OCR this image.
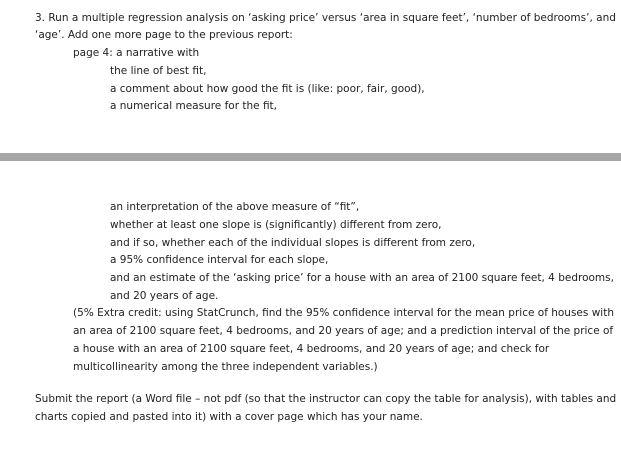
3. Run a multiple regression analysis on ‘asking price’ versus ‘area in square feet’, ‘number of bedrooms’, and
‘age’. Add one more page to the previous report:
page 4: a narrative with
the line of best fit,
a comment about how good the fit is (like: poor, fair, good),
a numerical measure for the fit,
an interpretation of the above measure of “fit”,
whether at least one slope is (significantly) different from zero,
and if so, whether each of the individual slopes is different from zero,
a 95% confidence interval for each slope,
and an estimate of the ‘asking price’ for a house with an area of 2100 square feet, 4 bedrooms,
and 20 years of age.
(5% Extra credit: using StatCrunch, find the 95% confidence interval for the mean price of houses with
an area of 2100 square feet, 4 bedrooms, and 20 years of age; and a prediction interval of the price of
a house with an area of 2100 square feet, 4 bedrooms, and 20 years of age; and check for
multicollinearity among the three independent variables.)
Submit the report (a Word file – not pdf (so that the instructor can copy the table for analysis), with tables and
charts copied and pasted into it) with a cover page which has your name.
